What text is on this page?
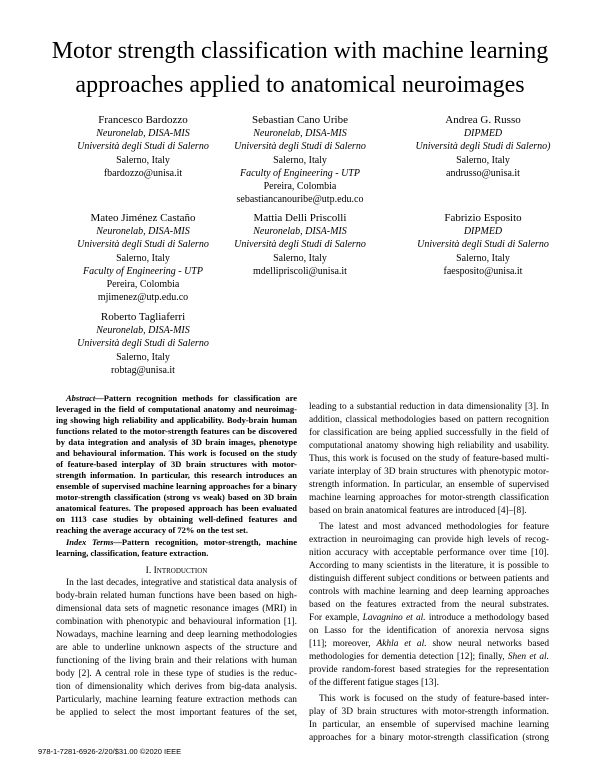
Motor strength classification with machine learning
approaches applied to anatomical neuroimages
Francesco Bardozzo
Neuronelab, DISA-MIS
Università degli Studi di Salerno
Salerno, Italy
fbardozzo@unisa.it
Sebastian Cano Uribe
Neuronelab, DISA-MIS
Università degli Studi di Salerno
Salerno, Italy
Faculty of Engineering - UTP
Pereira, Colombia
sebastiancanouribe@utp.edu.co
Andrea G. Russo
DIPMED
Università degli Studi di Salerno)
Salerno, Italy
andrusso@unisa.it
Mateo Jiménez Castaño
Neuronelab, DISA-MIS
Università degli Studi di Salerno
Salerno, Italy
Faculty of Engineering - UTP
Pereira, Colombia
mjimenez@utp.edu.co
Mattia Delli Priscolli
Neuronelab, DISA-MIS
Università degli Studi di Salerno
Salerno, Italy
mdellipriscoli@unisa.it
Fabrizio Esposito
DIPMED
Università degli Studi di Salerno
Salerno, Italy
faesposito@unisa.it
Roberto Tagliaferri
Neuronelab, DISA-MIS
Università degli Studi di Salerno
Salerno, Italy
robtag@unisa.it
Abstract—Pattern recognition methods for classification are
leveraged in the field of computational anatomy and neuroimag-
ing showing high reliability and applicability. Body-brain human
functions related to the motor-strength features can be discovered
by data integration and analysis of 3D brain images, phenotype
and behavioural information. This work is focused on the study
of feature-based interplay of 3D brain structures with motor-
strength information. In particular, this research introduces an
ensemble of supervised machine learning approaches for a binary
motor-strength classification (strong vs weak) based on 3D brain
anatomical features. The proposed approach has been evaluated
on 1113 case studies by obtaining well-defined features and
reaching the average accuracy of 72% on the test set.
Index Terms—Pattern recognition, motor-strength, machine
learning, classification, feature extraction.
I. Introduction
In the last decades, integrative and statistical data analysis of
body-brain related human functions have been based on high-
dimensional data sets of magnetic resonance images (MRI) in
combination with phenotypic and behavioural information [1].
Nowadays, machine learning and deep learning methodologies
are able to underline unknown aspects of the structure and
functioning of the living brain and their relations with human
body [2]. A central role in these type of studies is the reduc-
tion of dimensionality which derives from big-data analysis.
Particularly, machine learning feature extraction methods can
be applied to select the most important features of the set,
leading to a substantial reduction in data dimensionality [3]. In
addition, classical methodologies based on pattern recognition
for classification are being applied successfully in the field of
computational anatomy showing high reliability and usability.
Thus, this work is focused on the study of feature-based multi-
variate interplay of 3D brain structures with phenotypic motor-
strength information. In particular, an ensemble of supervised
machine learning approaches for motor-strength classification
based on brain anatomical features are introduced [4]–[8].
The latest and most advanced methodologies for feature
extraction in neuroimaging can provide high levels of recog-
nition accuracy with acceptable performance over time [10].
According to many scientists in the literature, it is possible to
distinguish different subject conditions or between patients and
controls with machine learning and deep learning approaches
based on the features extracted from the neural substrates.
For example, Lavagnino et al. introduce a methodology based
on Lasso for the identification of anorexia nervosa signs
[11]; moreover, Akhla et al. show neural networks based
methodologies for dementia detection [12]; finally, Shen et al.
provide random-forest based strategies for the representation
of the different fatigue stages [13].
This work is focused on the study of feature-based inter-
play of 3D brain structures with motor-strength information.
In particular, an ensemble of supervised machine learning
approaches for a binary motor-strength classification (strong
978-1-7281-6926-2/20/$31.00 ©2020 IEEE
